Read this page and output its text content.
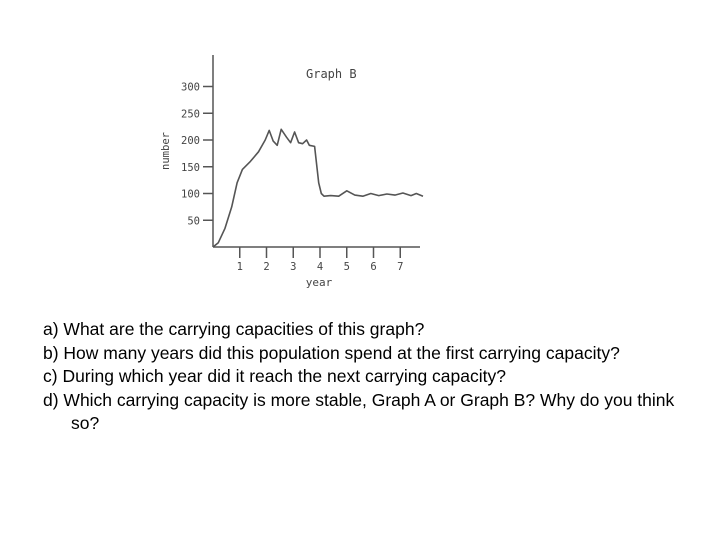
Graph B
number
year
50
100
150
200
250
300
1 2 3 4 5 6 7

a) What are the carrying capacities of this graph?

b) How many years did this population spend at the first carrying capacity?

c) During which year did it reach the next carrying capacity?

d) Which carrying capacity is more stable, Graph A or Graph B? Why do you think so?
